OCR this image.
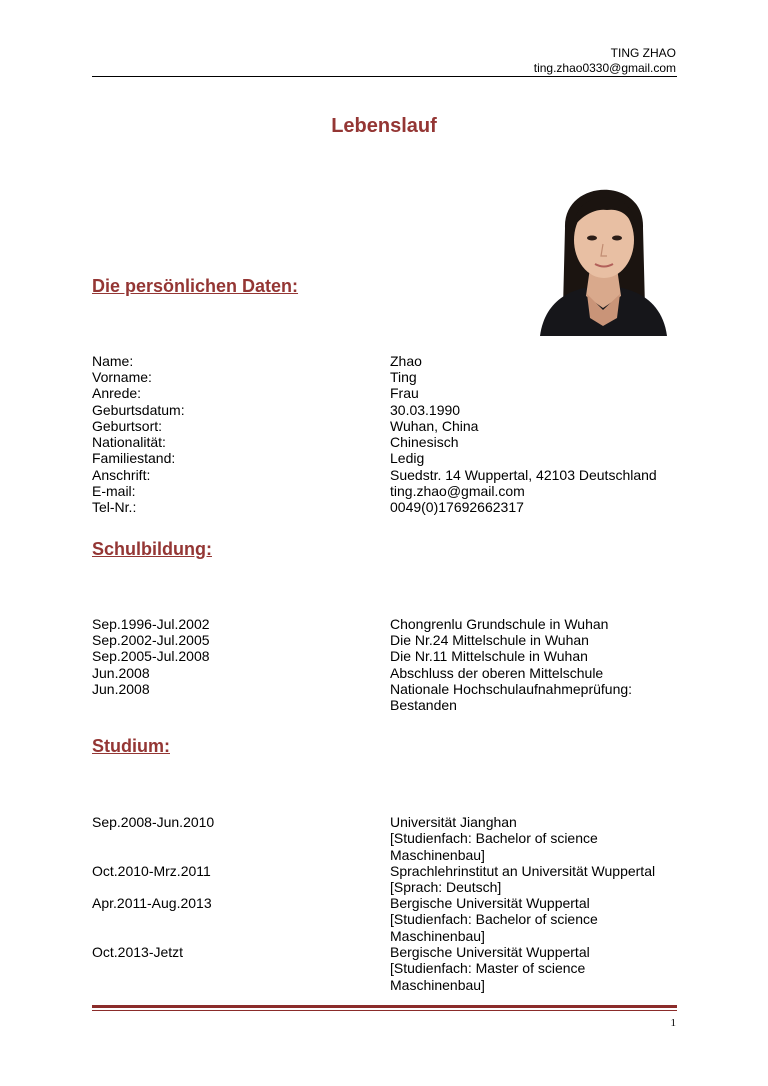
TING ZHAO
ting.zhao0330@gmail.com
Lebenslauf
Die persönlichen Daten:
Name:	Zhao
Vorname:	Ting
Anrede:	Frau
Geburtsdatum:	30.03.1990
Geburtsort:	Wuhan, China
Nationalität:	Chinesisch
Familiestand:	Ledig
Anschrift:	Suedstr. 14 Wuppertal, 42103 Deutschland
E-mail:	ting.zhao@gmail.com
Tel-Nr.:	0049(0)17692662317
Schulbildung:
Sep.1996-Jul.2002	Chongrenlu Grundschule in Wuhan
Sep.2002-Jul.2005	Die Nr.24 Mittelschule in Wuhan
Sep.2005-Jul.2008	Die Nr.11 Mittelschule in Wuhan
Jun.2008	Abschluss der oberen Mittelschule
Jun.2008	Nationale Hochschulaufnahmeprüfung:
Bestanden
Studium:
Sep.2008-Jun.2010	Universität Jianghan
[Studienfach: Bachelor of science
Maschinenbau]
Oct.2010-Mrz.2011	Sprachlehrinstitut an Universität Wuppertal
[Sprach: Deutsch]
Apr.2011-Aug.2013	Bergische Universität Wuppertal
[Studienfach: Bachelor of science
Maschinenbau]
Oct.2013-Jetzt	Bergische Universität Wuppertal
[Studienfach: Master of science
Maschinenbau]
1
